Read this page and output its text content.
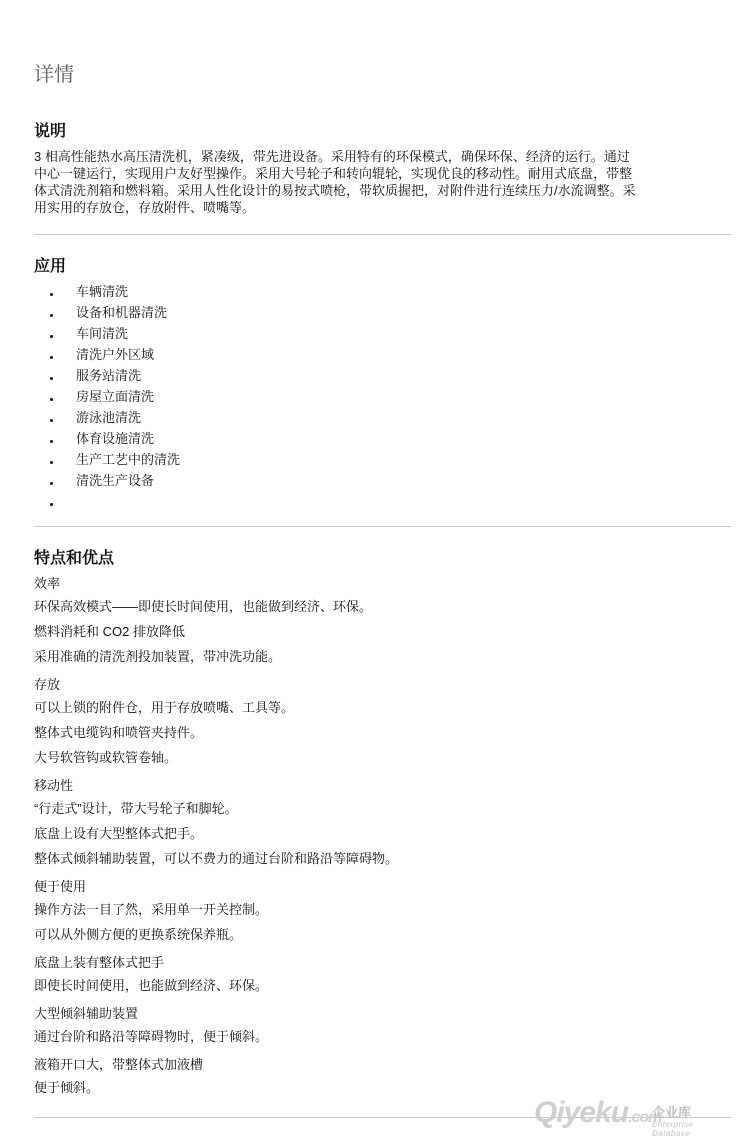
详情
说明
3 相高性能热水高压清洗机，紧凑级，带先进设备。采用特有的环保模式，确保环保、经济的运行。通过
中心一键运行，实现用户友好型操作。采用大号轮子和转向辊轮，实现优良的移动性。耐用式底盘，带整
体式清洗剂箱和燃料箱。采用人性化设计的易按式喷枪，带软质握把，对附件进行连续压力/水流调整。采
用实用的存放仓，存放附件、喷嘴等。
应用
车辆清洗
设备和机器清洗
车间清洗
清洗户外区域
服务站清洗
房屋立面清洗
游泳池清洗
体育设施清洗
生产工艺中的清洗
清洗生产设备
特点和优点
效率
环保高效模式——即使长时间使用，也能做到经济、环保。
燃料消耗和 CO2 排放降低
采用准确的清洗剂投加装置，带冲洗功能。
存放
可以上锁的附件仓，用于存放喷嘴、工具等。
整体式电缆钩和喷管夹持件。
大号软管钩或软管卷轴。
移动性
“行走式”设计，带大号轮子和脚轮。
底盘上设有大型整体式把手。
整体式倾斜辅助装置，可以不费力的通过台阶和路沿等障碍物。
便于使用
操作方法一目了然，采用单一开关控制。
可以从外侧方便的更换系统保养瓶。
底盘上装有整体式把手
即使长时间使用，也能做到经济、环保。
大型倾斜辅助装置
通过台阶和路沿等障碍物时，便于倾斜。
液箱开口大，带整体式加液槽
便于倾斜。
Qiyeku.com
企业库
Enterprise Database
